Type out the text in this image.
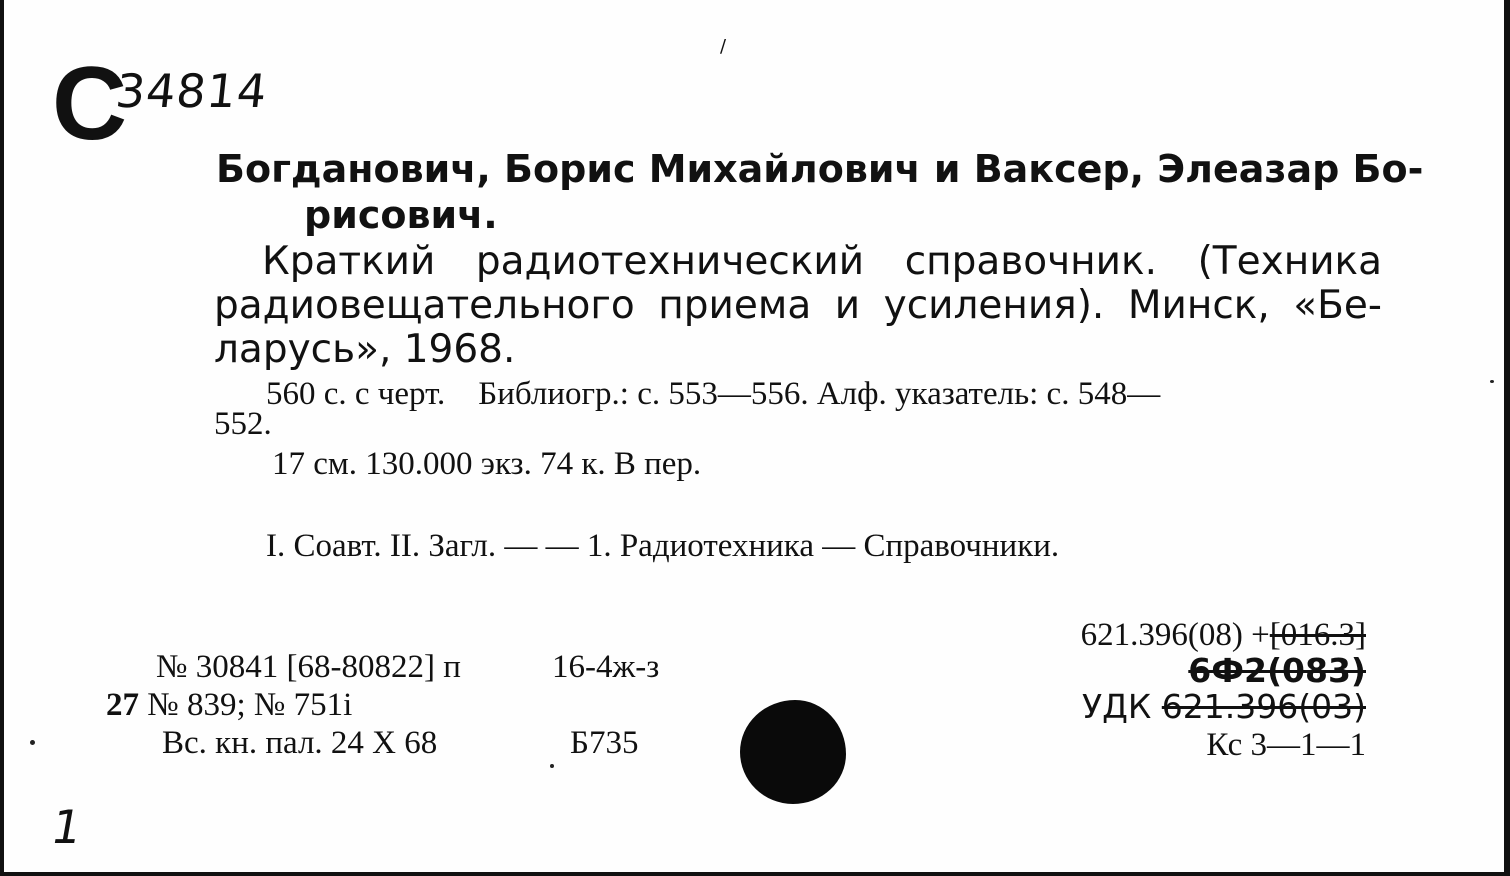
С
34814
/
Богданович, Борис Михайлович и Ваксер, Элеазар Бо-
рисович.
Краткий радиотехнический справочник. (Техника
радиовещательного приема и усиления). Минск, «Бе-
ларусь», 1968.
560 с. с черт.    Библиогр.: с. 553—556. Алф. указатель: с. 548—
552.
17 см. 130.000 экз. 74 к. В пер.
I. Соавт. II. Загл. — — 1. Радиотехника — Справочники.
№ 30841 [68-80822] п
27 № 839; № 751i
Вс. кн. пал. 24 X 68
16-4ж-з
Б735
621.396(08) +[016.3]
6Ф2(083)
УДК 621.396(03)
Кс 3—1—1
1
